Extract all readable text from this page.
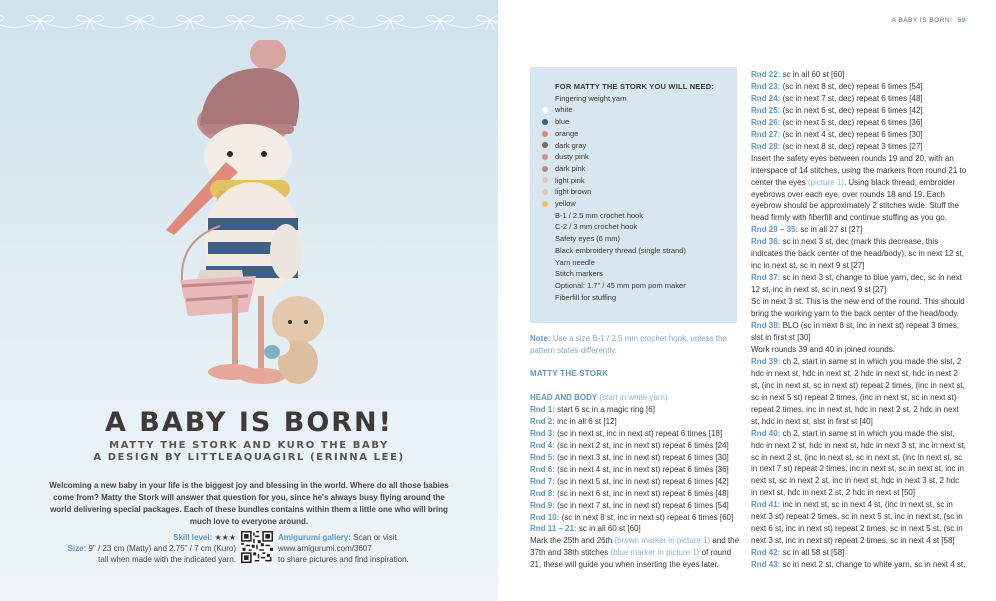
A BABY IS BORN!
MATTY THE STORK AND KURO THE BABY
A DESIGN BY LITTLEAQUAGIRL (ERINNA LEE)
Welcoming a new baby in your life is the biggest joy and blessing in the world. Where do all those babies come from? Matty the Stork will answer that question for you, since he's always busy flying around the world delivering special packages. Each of these bundles contains within them a little one who will bring much love to everyone around.
Skill level: ★★★
Size: 9" / 23 cm (Matty) and 2.75" / 7 cm (Kuro) tall when made with the indicated yarn.
Amigurumi gallery: Scan or visit
www.amigurumi.com/3607
to share pictures and find inspiration.
A BABY IS BORN! 59
FOR MATTY THE STORK YOU WILL NEED:
Fingering weight yarn
white
blue
orange
dark gray
dusty pink
dark pink
light pink
light brown
yellow
B-1 / 2.5 mm crochet hook
C-2 / 3 mm crochet hook
Safety eyes (6 mm)
Black embroidery thread (single strand)
Yarn needle
Stitch markers
Optional: 1.7" / 45 mm pom pom maker
Fiberfill for stuffing
Note: Use a size B-1 / 2.5 mm crochet hook, unless the pattern states differently.
MATTY THE STORK
HEAD AND BODY (start in white yarn)
Rnd 1: start 6 sc in a magic ring [6]
Rnd 2: inc in all 6 st [12]
Rnd 3: (sc in next st, inc in next st) repeat 6 times [18]
Rnd 4: (sc in next 2 st, inc in next st) repeat 6 times [24]
Rnd 5: (sc in next 3 st, inc in next st) repeat 6 times [30]
Rnd 6: (sc in next 4 st, inc in next st) repeat 6 times [36]
Rnd 7: (sc in next 5 st, inc in next st) repeat 6 times [42]
Rnd 8: (sc in next 6 st, inc in next st) repeat 6 times [48]
Rnd 9: (sc in next 7 st, inc in next st) repeat 6 times [54]
Rnd 10: (sc in next 8 st, inc in next st) repeat 6 times [60]
Rnd 11 – 21: sc in all 60 st [60]
Mark the 25th and 26th (brown marker in picture 1) and the 37th and 38th stitches (blue marker in picture 1) of round 21, these will guide you when inserting the eyes later.
Rnd 22: sc in all 60 st [60]
Rnd 23: (sc in next 8 st, dec) repeat 6 times [54]
Rnd 24: (sc in next 7 st, dec) repeat 6 times [48]
Rnd 25: (sc in next 6 st, dec) repeat 6 times [42]
Rnd 26: (sc in next 5 st, dec) repeat 6 times [36]
Rnd 27: (sc in next 4 st, dec) repeat 6 times [30]
Rnd 28: (sc in next 8 st, dec) repeat 3 times [27]
Insert the safety eyes between rounds 19 and 20, with an interspace of 14 stitches, using the markers from round 21 to center the eyes (picture 1). Using black thread, embroider eyebrows over each eye, over rounds 18 and 19. Each eyebrow should be approximately 2 stitches wide. Stuff the head firmly with fiberfill and continue stuffing as you go.
Rnd 29 – 35: sc in all 27 st [27]
Rnd 36: sc in next 3 st, dec (mark this decrease, this indicates the back center of the head/body), sc in next 12 st, inc in next st, sc in next 9 st [27]
Rnd 37: sc in next 3 st, change to blue yarn, dec, sc in next 12 st, inc in next st, sc in next 9 st [27]
Sc in next 3 st. This is the new end of the round. This should bring the working yarn to the back center of the head/body.
Rnd 38: BLO (sc in next 8 st, inc in next st) repeat 3 times, slst in first st [30]
Work rounds 39 and 40 in joined rounds.
Rnd 39: ch 2, start in same st in which you made the slst, 2 hdc in next st, hdc in next st, 2 hdc in next st, hdc in next 2 st, (inc in next st, sc in next st) repeat 2 times, (inc in next st, sc in next 5 st) repeat 2 times, (inc in next st, sc in next st) repeat 2 times, inc in next st, hdc in next 2 st, 2 hdc in next st, hdc in next st, slst in first st [40]
Rnd 40: ch 2, start in same st in which you made the slst, hdc in next 2 st, hdc in next st, hdc in next 3 st, inc in next st, sc in next 2 st, (inc in next st, sc in next st, (inc in next st, sc in next 7 st) repeat 2 times, inc in next st, sc in next st, inc in next st, sc in next 2 st, inc in next st, hdc in next 3 st, 2 hdc in next st, hdc in next 2 st, 2 hdc in next st [50]
Rnd 41: inc in next st, sc in next 4 st, (inc in next st, sc in next 3 st) repeat 2 times, sc in next 5 st, inc in next st, (sc in next 6 st, inc in next st) repeat 2 times, sc in next 5 st, (sc in next 3 st, inc in next st) repeat 2 times, sc in next 4 st [58]
Rnd 42: sc in all 58 st [58]
Rnd 43: sc in next 2 st, change to white yarn, sc in next 4 st,
